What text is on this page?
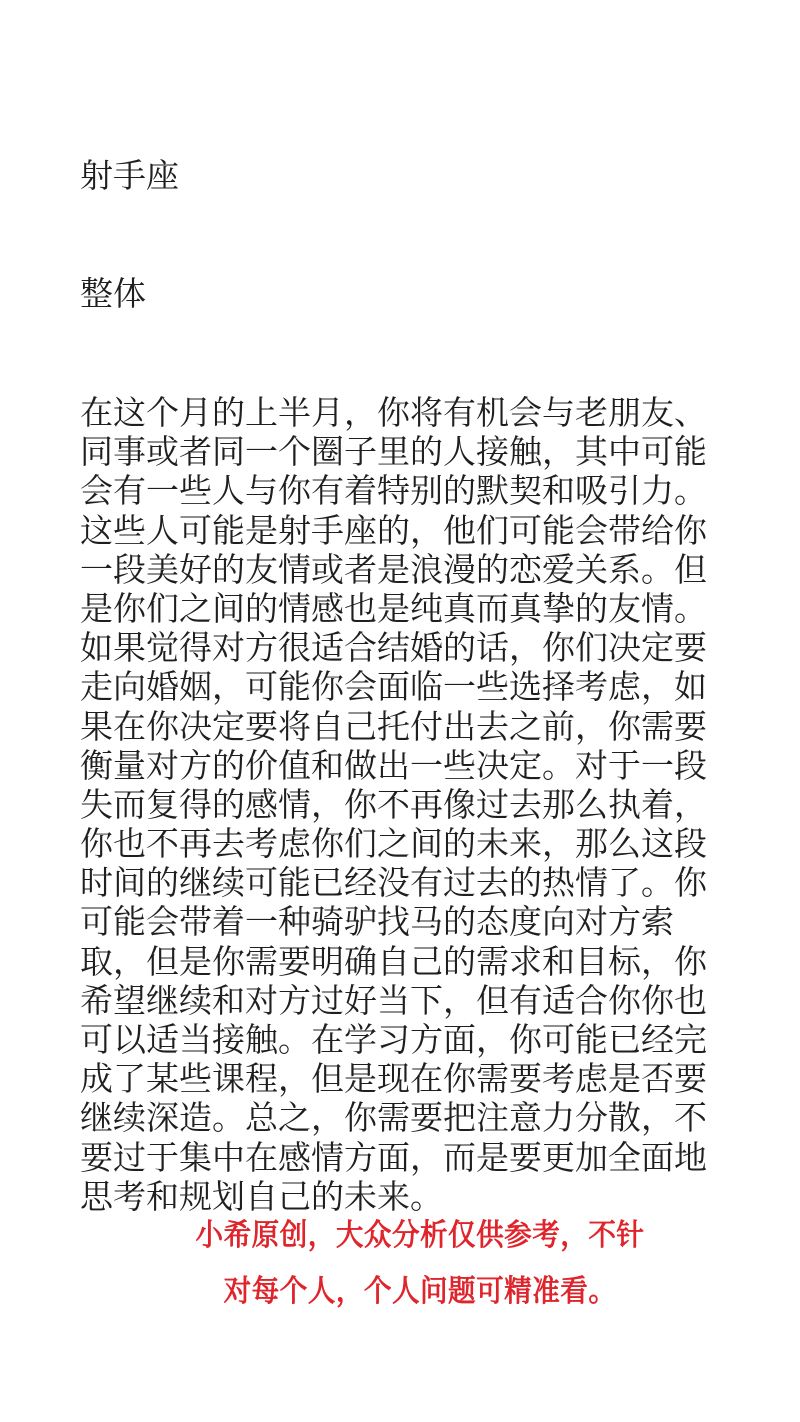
射手座
整体
在这个月的上半月，你将有机会与老朋友、
同事或者同一个圈子里的人接触，其中可能
会有一些人与你有着特别的默契和吸引力。
这些人可能是射手座的，他们可能会带给你
一段美好的友情或者是浪漫的恋爱关系。但
是你们之间的情感也是纯真而真挚的友情。
如果觉得对方很适合结婚的话，你们决定要
走向婚姻，可能你会面临一些选择考虑，如
果在你决定要将自己托付出去之前，你需要
衡量对方的价值和做出一些决定。对于一段
失而复得的感情，你不再像过去那么执着，
你也不再去考虑你们之间的未来，那么这段
时间的继续可能已经没有过去的热情了。你
可能会带着一种骑驴找马的态度向对方索
取，但是你需要明确自己的需求和目标，你
希望继续和对方过好当下，但有适合你你也
可以适当接触。在学习方面，你可能已经完
成了某些课程，但是现在你需要考虑是否要
继续深造。总之，你需要把注意力分散，不
要过于集中在感情方面，而是要更加全面地
思考和规划自己的未来。
小希原创，大众分析仅供参考，不针
对每个人，个人问题可精准看。
